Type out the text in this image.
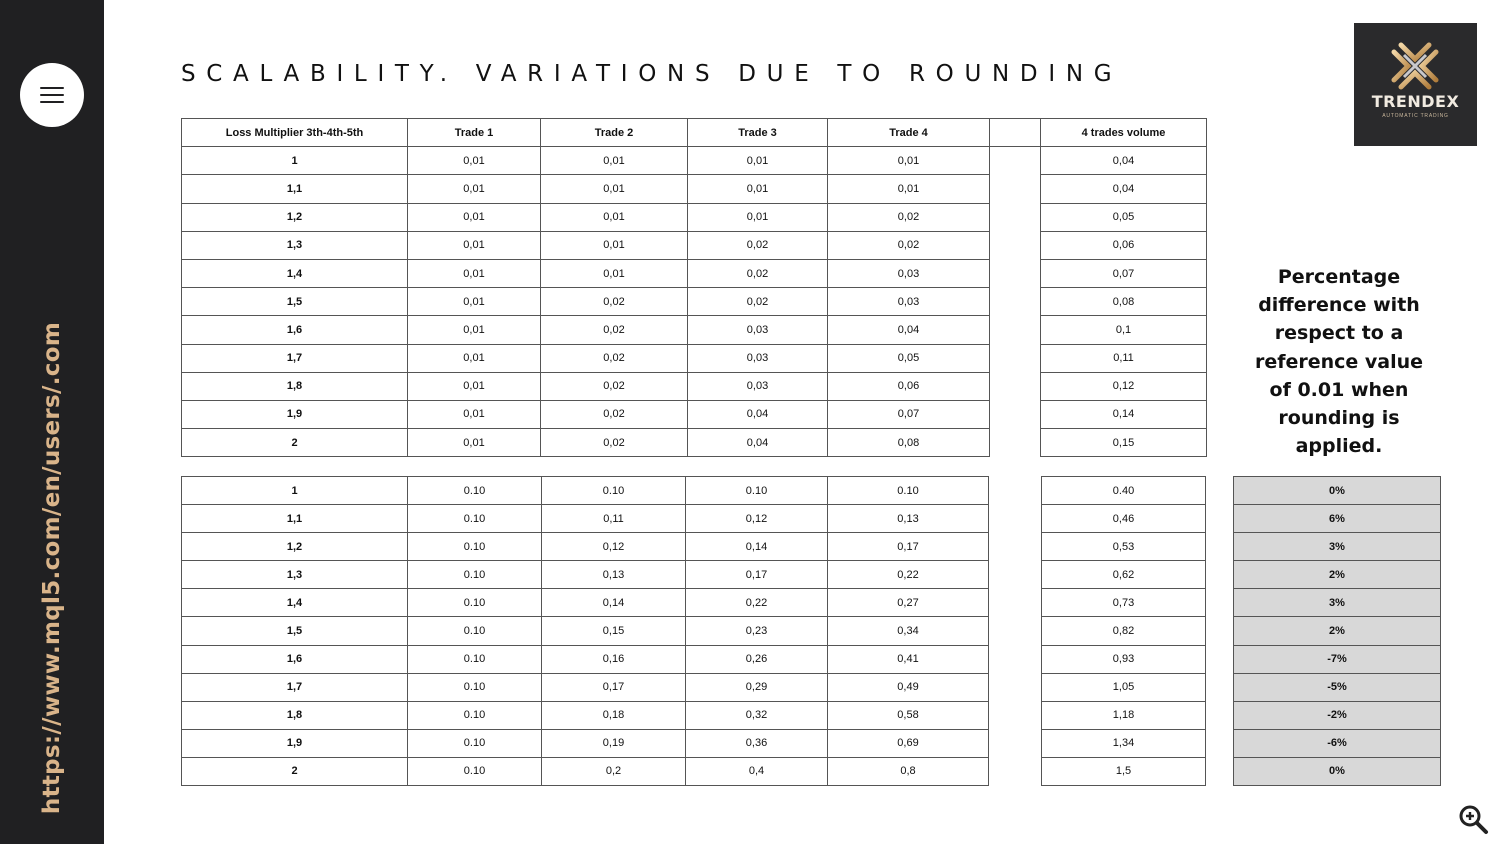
https://www.mql5.com/en/users/.com
SCALABILITY. VARIATIONS DUE TO ROUNDING
TRENDEX
AUTOMATIC TRADING
Loss Multiplier 3th-4th-5th	Trade 1	Trade 2	Trade 3	Trade 4		4 trades volume
1	0,01	0,01	0,01	0,01		0,04
1,1	0,01	0,01	0,01	0,01		0,04
1,2	0,01	0,01	0,01	0,02		0,05
1,3	0,01	0,01	0,02	0,02		0,06
1,4	0,01	0,01	0,02	0,03		0,07
1,5	0,01	0,02	0,02	0,03		0,08
1,6	0,01	0,02	0,03	0,04		0,1
1,7	0,01	0,02	0,03	0,05		0,11
1,8	0,01	0,02	0,03	0,06		0,12
1,9	0,01	0,02	0,04	0,07		0,14
2	0,01	0,02	0,04	0,08		0,15
Percentage difference with respect to a reference value of 0.01 when rounding is applied.
1	0.10	0.10	0.10	0.10		0.40		0%
1,1	0.10	0,11	0,12	0,13		0,46		6%
1,2	0.10	0,12	0,14	0,17		0,53		3%
1,3	0.10	0,13	0,17	0,22		0,62		2%
1,4	0.10	0,14	0,22	0,27		0,73		3%
1,5	0.10	0,15	0,23	0,34		0,82		2%
1,6	0.10	0,16	0,26	0,41		0,93		-7%
1,7	0.10	0,17	0,29	0,49		1,05		-5%
1,8	0.10	0,18	0,32	0,58		1,18		-2%
1,9	0.10	0,19	0,36	0,69		1,34		-6%
2	0.10	0,2	0,4	0,8		1,5		0%
